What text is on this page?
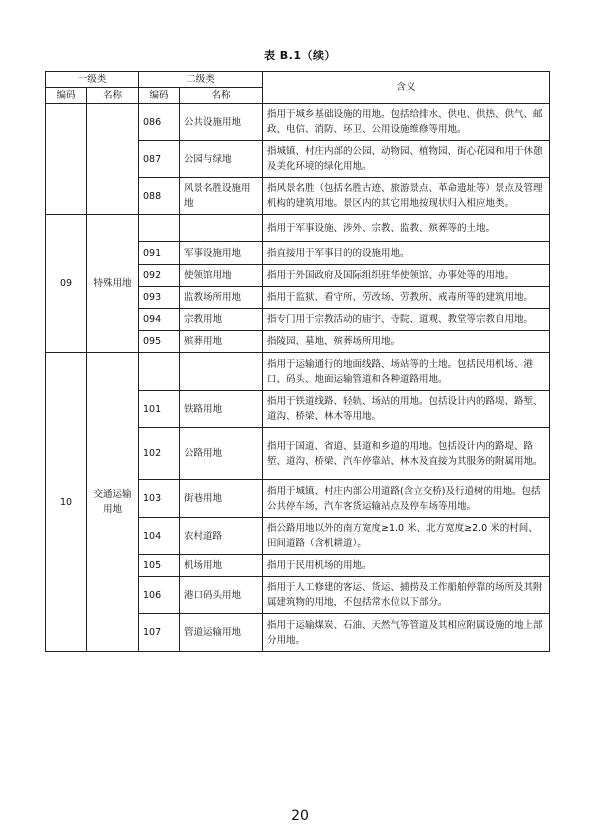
表 B.1（续）
一级类		二级类		含义
编码	名称	编码	名称	
		086	公共设施用地	指用于城乡基础设施的用地。包括给排水、供电、供热、供气、邮政、电信、消防、环卫、公用设施维修等用地。
		087	公园与绿地	指城镇、村庄内部的公园、动物园、植物园、街心花园和用于休憩及美化环境的绿化用地。
		088	风景名胜设施用地	指风景名胜（包括名胜古迹、旅游景点、革命遗址等）景点及管理机构的建筑用地。景区内的其它用地按现状归入相应地类。
09	特殊用地			指用于军事设施、涉外、宗教、监教、殡葬等的土地。
		091	军事设施用地	指直接用于军事目的的设施用地。
		092	使领馆用地	指用于外国政府及国际组织驻华使领馆、办事处等的用地。
		093	监教场所用地	指用于监狱、看守所、劳改场、劳教所、戒毒所等的建筑用地。
		094	宗教用地	指专门用于宗教活动的庙宇、寺院、道观、教堂等宗教自用地。
		095	殡葬用地	指陵园、墓地、殡葬场所用地。
10	交通运输用地			指用于运输通行的地面线路、场站等的土地。包括民用机场、港口、码头、地面运输管道和各种道路用地。
		101	铁路用地	指用于铁道线路、轻轨、场站的用地。包括设计内的路堤、路堑、道沟、桥梁、林木等用地。
		102	公路用地	指用于国道、省道、县道和乡道的用地。包括设计内的路堤、路堑、道沟、桥梁、汽车停靠站、林木及直接为其服务的附属用地。
		103	街巷用地	指用于城镇、村庄内部公用道路(含立交桥)及行道树的用地。包括公共停车场，汽车客货运输站点及停车场等用地。
		104	农村道路	指公路用地以外的南方宽度≥1.0 米、北方宽度≥2.0 米的村间、田间道路（含机耕道）。
		105	机场用地	指用于民用机场的用地。
		106	港口码头用地	指用于人工修建的客运、货运、捕捞及工作船舶停靠的场所及其附属建筑物的用地，不包括常水位以下部分。
		107	管道运输用地	指用于运输煤炭、石油、天然气等管道及其相应附属设施的地上部分用地。
20
